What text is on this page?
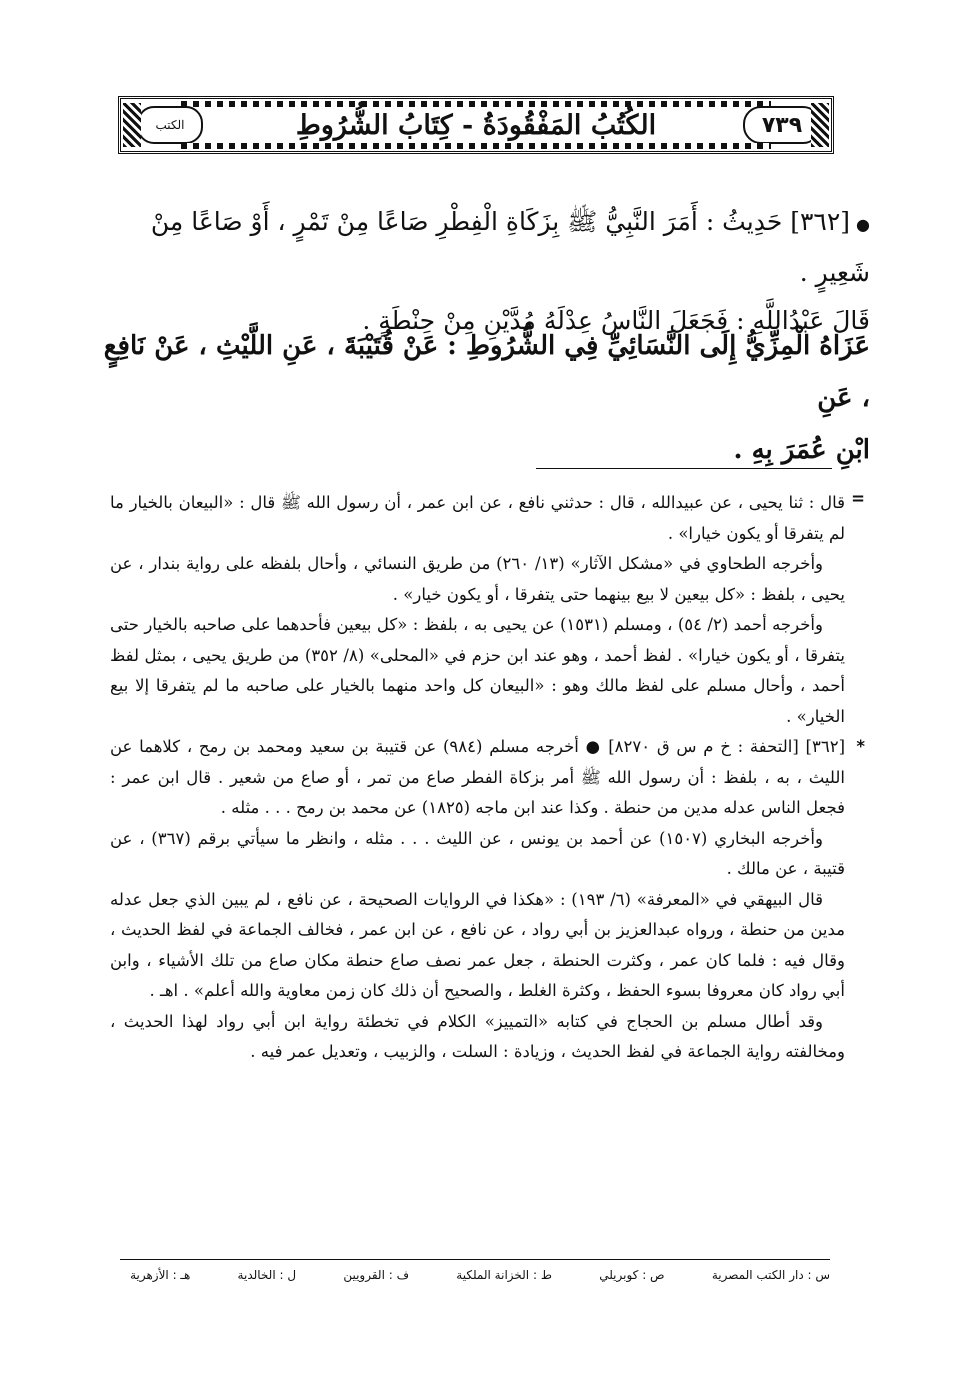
الكتب	الكُتُبُ المَفْقُودَةُ - كِتَابُ الشُّرُوطِ	٧٣٩
●[٣٦٢] حَدِيثُ : أَمَرَ النَّبِيُّ ﷺ بِزَكَاةِ الْفِطْرِ صَاعًا مِنْ تَمْرٍ ، أَوْ صَاعًا مِنْ شَعِيرٍ .
قَالَ عَبْدُاللَّهِ : فَجَعَلَ النَّاسُ عِدْلَهُ مُدَّيْنِ مِنْ حِنْطَةٍ .
عَزَاهُ الْمِزِّيُّ إِلَى النَّسَائِيِّ فِي الشُّرُوطِ : عَنْ قُتَيْبَةَ ، عَنِ اللَّيْثِ ، عَنْ نَافِعٍ ، عَنِ
ابْنِ عُمَرَ بِهِ .

=
قال : ثنا يحيى ، عن عبيدالله ، قال : حدثني نافع ، عن ابن عمر ، أن رسول الله ﷺ قال : «البيعان بالخيار ما لم يتفرقا أو يكون خيارا» .

وأخرجه الطحاوي في «مشكل الآثار» (١٣/ ٢٦٠) من طريق النسائي ، وأحال بلفظه على رواية بندار ، عن يحيى ، بلفظ : «كل بيعين لا بيع بينهما حتى يتفرقا ، أو يكون خيار» .

وأخرجه أحمد (٢/ ٥٤) ، ومسلم (١٥٣١) عن يحيى به ، بلفظ : «كل بيعين فأحدهما على صاحبه بالخيار حتى يتفرقا ، أو يكون خيارا» . لفظ أحمد ، وهو عند ابن حزم في «المحلى» (٨/ ٣٥٢) من طريق يحيى ، بمثل لفظ أحمد ، وأحال مسلم على لفظ مالك وهو : «البيعان كل واحد منهما بالخيار على صاحبه ما لم يتفرقا إلا بيع الخيار» .

*
[٣٦٢] [التحفة : خ م س ق ٨٢٧٠] ● أخرجه مسلم (٩٨٤) عن قتيبة بن سعيد ومحمد بن رمح ، كلاهما عن الليث ، به ، بلفظ : أن رسول الله ﷺ أمر بزكاة الفطر صاع من تمر ، أو صاع من شعير . قال ابن عمر : فجعل الناس عدله مدين من حنطة . وكذا عند ابن ماجه (١٨٢٥) عن محمد بن رمح . . . مثله .

وأخرجه البخاري (١٥٠٧) عن أحمد بن يونس ، عن الليث . . . مثله ، وانظر ما سيأتي برقم (٣٦٧) ، عن قتيبة ، عن مالك .

قال البيهقي في «المعرفة» (٦/ ١٩٣) : «هكذا في الروايات الصحيحة ، عن نافع ، لم يبين الذي جعل عدله مدين من حنطة ، ورواه عبدالعزيز بن أبي رواد ، عن نافع ، عن ابن عمر ، فخالف الجماعة في لفظ الحديث ، وقال فيه : فلما كان عمر ، وكثرت الحنطة ، جعل عمر نصف صاع حنطة مكان صاع من تلك الأشياء ، وابن أبي رواد كان معروفا بسوء الحفظ ، وكثرة الغلط ، والصحيح أن ذلك كان زمن معاوية والله أعلم» . اهـ .

وقد أطال مسلم بن الحجاج في كتابه «التمييز» الكلام في تخطئة رواية ابن أبي رواد لهذا الحديث ، ومخالفته رواية الجماعة في لفظ الحديث ، وزيادة : السلت ، والزبيب ، وتعديل عمر فيه .

س : دار الكتب المصرية
ص : كوبريلي
ط : الخزانة الملكية
ف : القرويين
ل : الخالدية
هـ : الأزهرية
